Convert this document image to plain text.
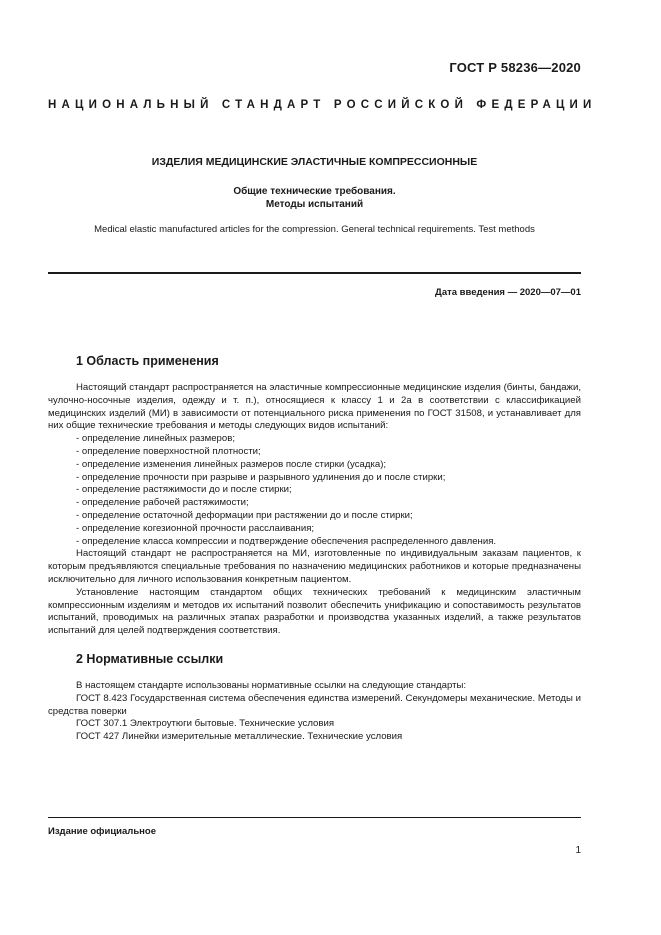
ГОСТ Р 58236—2020
НАЦИОНАЛЬНЫЙ СТАНДАРТ РОССИЙСКОЙ ФЕДЕРАЦИИ
ИЗДЕЛИЯ МЕДИЦИНСКИЕ ЭЛАСТИЧНЫЕ КОМПРЕССИОННЫЕ
Общие технические требования.
Методы испытаний
Medical elastic manufactured articles for the compression. General technical requirements. Test methods
Дата введения — 2020—07—01
1 Область применения

Настоящий стандарт распространяется на эластичные компрессионные медицинские изделия (бинты, бандажи, чулочно-носочные изделия, одежду и т. п.), относящиеся к классу 1 и 2а в соответствии с классификацией медицинских изделий (МИ) в зависимости от потенциального риска применения по ГОСТ 31508, и устанавливает для них общие технические требования и методы следующих видов испытаний:

- определение линейных размеров;
- определение поверхностной плотности;
- определение изменения линейных размеров после стирки (усадка);
- определение прочности при разрыве и разрывного удлинения до и после стирки;
- определение растяжимости до и после стирки;
- определение рабочей растяжимости;
- определение остаточной деформации при растяжении до и после стирки;
- определение когезионной прочности расслаивания;
- определение класса компрессии и подтверждение обеспечения распределенного давления.

Настоящий стандарт не распространяется на МИ, изготовленные по индивидуальным заказам пациентов, к которым предъявляются специальные требования по назначению медицинских работников и которые предназначены исключительно для личного использования конкретным пациентом.

Установление настоящим стандартом общих технических требований к медицинским эластичным компрессионным изделиям и методов их испытаний позволит обеспечить унификацию и сопоставимость результатов испытаний, проводимых на различных этапах разработки и производства указанных изделий, а также результатов испытаний для целей подтверждения соответствия.

2 Нормативные ссылки

В настоящем стандарте использованы нормативные ссылки на следующие стандарты:

ГОСТ 8.423 Государственная система обеспечения единства измерений. Секундомеры механические. Методы и средства поверки

ГОСТ 307.1 Электроутюги бытовые. Технические условия

ГОСТ 427 Линейки измерительные металлические. Технические условия

Издание официальное
1
